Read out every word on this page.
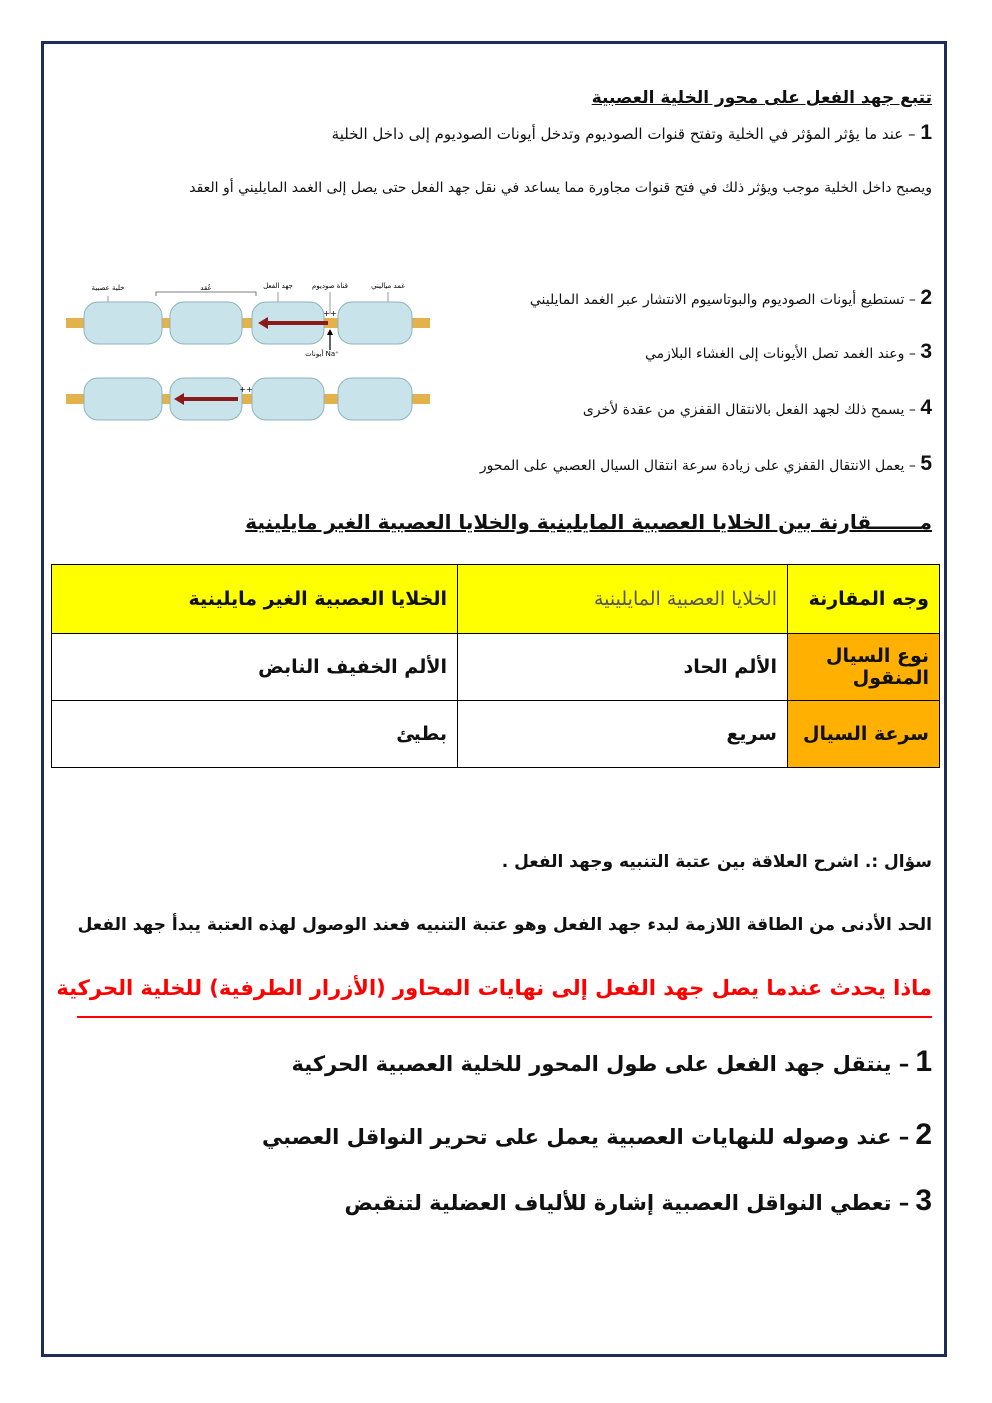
تتبع جهد الفعل على محور الخلية العصبية
1 – عند ما يؤثر المؤثر في الخلية وتفتح قنوات الصوديوم وتدخل أيونات الصوديوم إلى داخل الخلية
ويصبح داخل الخلية موجب ويؤثر ذلك في فتح قنوات مجاورة مما يساعد في نقل جهد الفعل حتى يصل إلى الغمد المايليني أو العقد
غمد مياليني
قناة صوديوم
جهد الفعل
عُقد
خلية عصبية
أيونات Na⁺
++
++
2 – تستطيع أيونات الصوديوم والبوتاسيوم الانتشار عبر الغمد المايليني
3 – وعند الغمد تصل الأيونات إلى الغشاء البلازمي
4 – يسمح ذلك لجهد الفعل بالانتقال القفزي من عقدة لأخرى
5 – يعمل الانتقال القفزي على زيادة سرعة انتقال السيال العصبي على المحور
مـــــــقارنة بين الخلايا العصبية المايلينية والخلايا العصبية الغير مايلينية
وجه المقارنة	الخلايا العصبية المايلينية	الخلايا العصبية الغير مايلينية
نوع السيال المنقول	الألم الحاد	الألم الخفيف النابض
سرعة السيال	سريع	بطيئ
سؤال :. اشرح العلاقة بين عتبة التنبيه وجهد الفعل .
الحد الأدنى من الطاقة اللازمة لبدء جهد الفعل وهو عتبة التنبيه فعند الوصول لهذه العتبة يبدأ جهد الفعل
ماذا يحدث عندما يصل جهد الفعل إلى نهايات المحاور (الأزرار الطرفية) للخلية الحركية
1– ينتقل جهد الفعل على طول المحور للخلية العصبية الحركية
2– عند وصوله للنهايات العصبية يعمل على تحرير النواقل العصبي
3– تعطي النواقل العصبية إشارة للألياف العضلية لتنقبض
